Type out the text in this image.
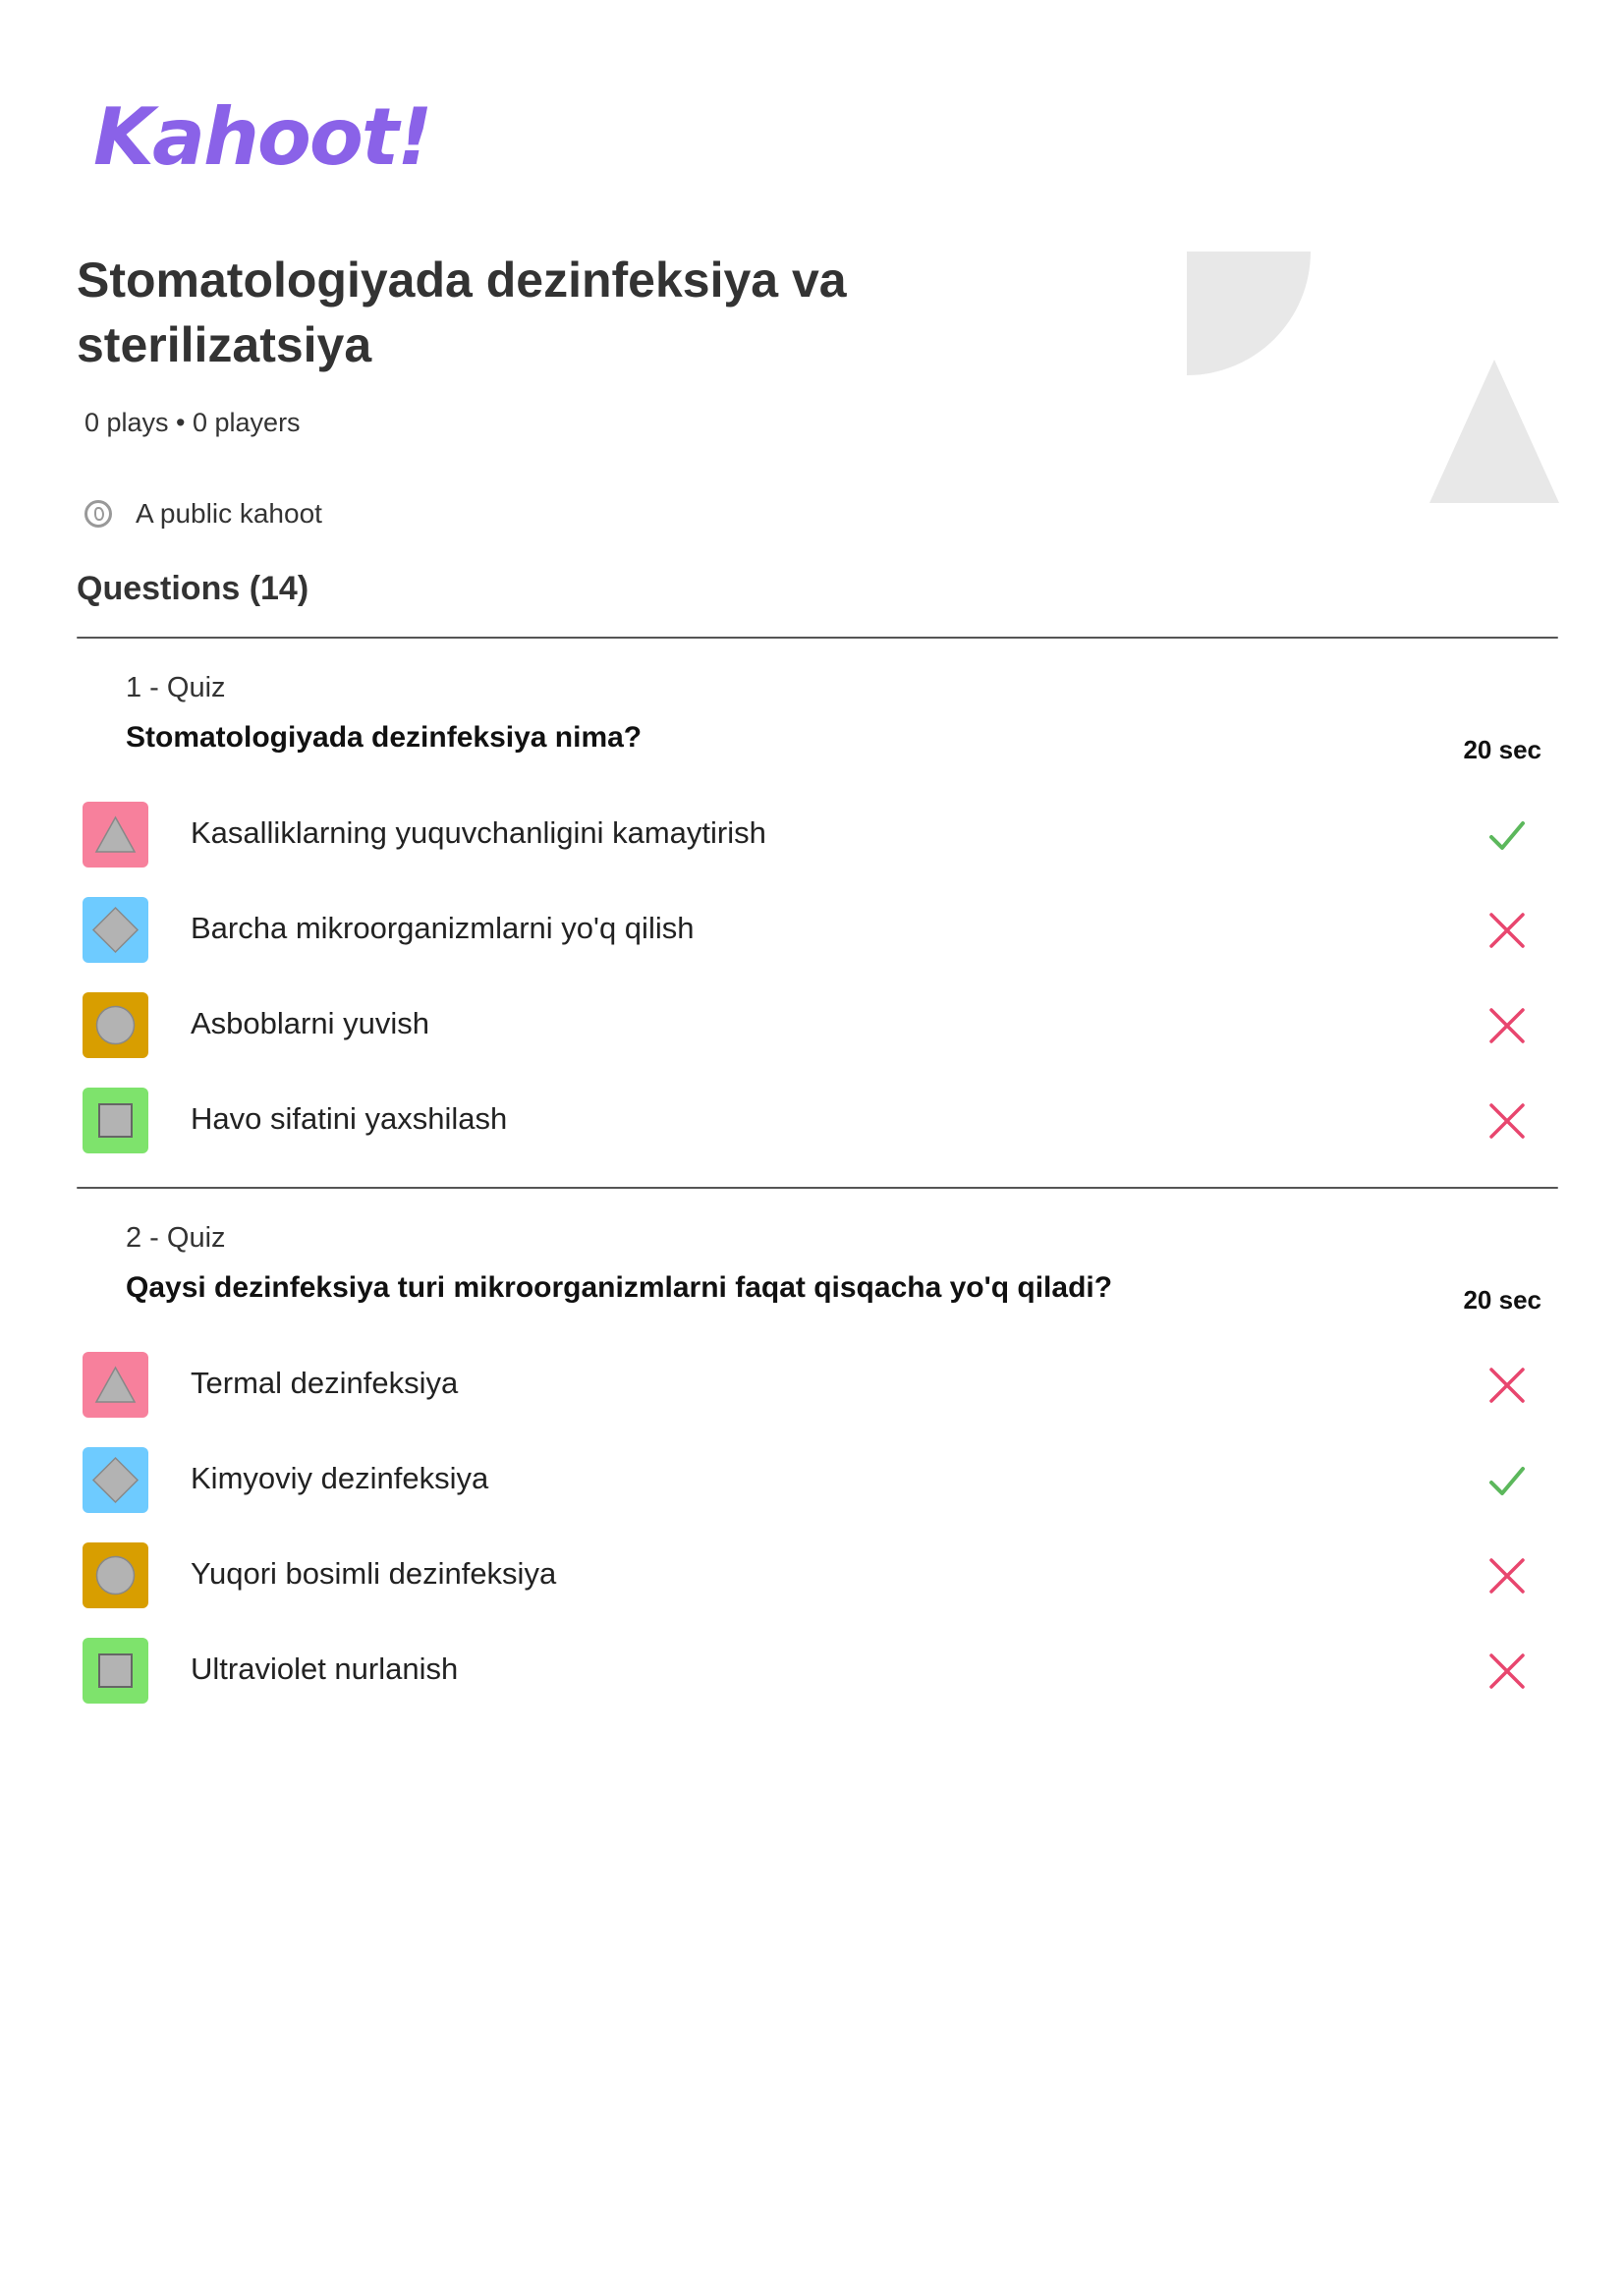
Kahoot!
Stomatologiyada dezinfeksiya va sterilizatsiya
0 plays • 0 players
A public kahoot
Questions (14)
1 - Quiz
Stomatologiyada dezinfeksiya nima?	20 sec
Kasalliklarning yuquvchanligini kamaytirish
Barcha mikroorganizmlarni yo'q qilish
Asboblarni yuvish
Havo sifatini yaxshilash
2 - Quiz
Qaysi dezinfeksiya turi mikroorganizmlarni faqat qisqacha yo'q qiladi?	20 sec
Termal dezinfeksiya
Kimyoviy dezinfeksiya
Yuqori bosimli dezinfeksiya
Ultraviolet nurlanish
